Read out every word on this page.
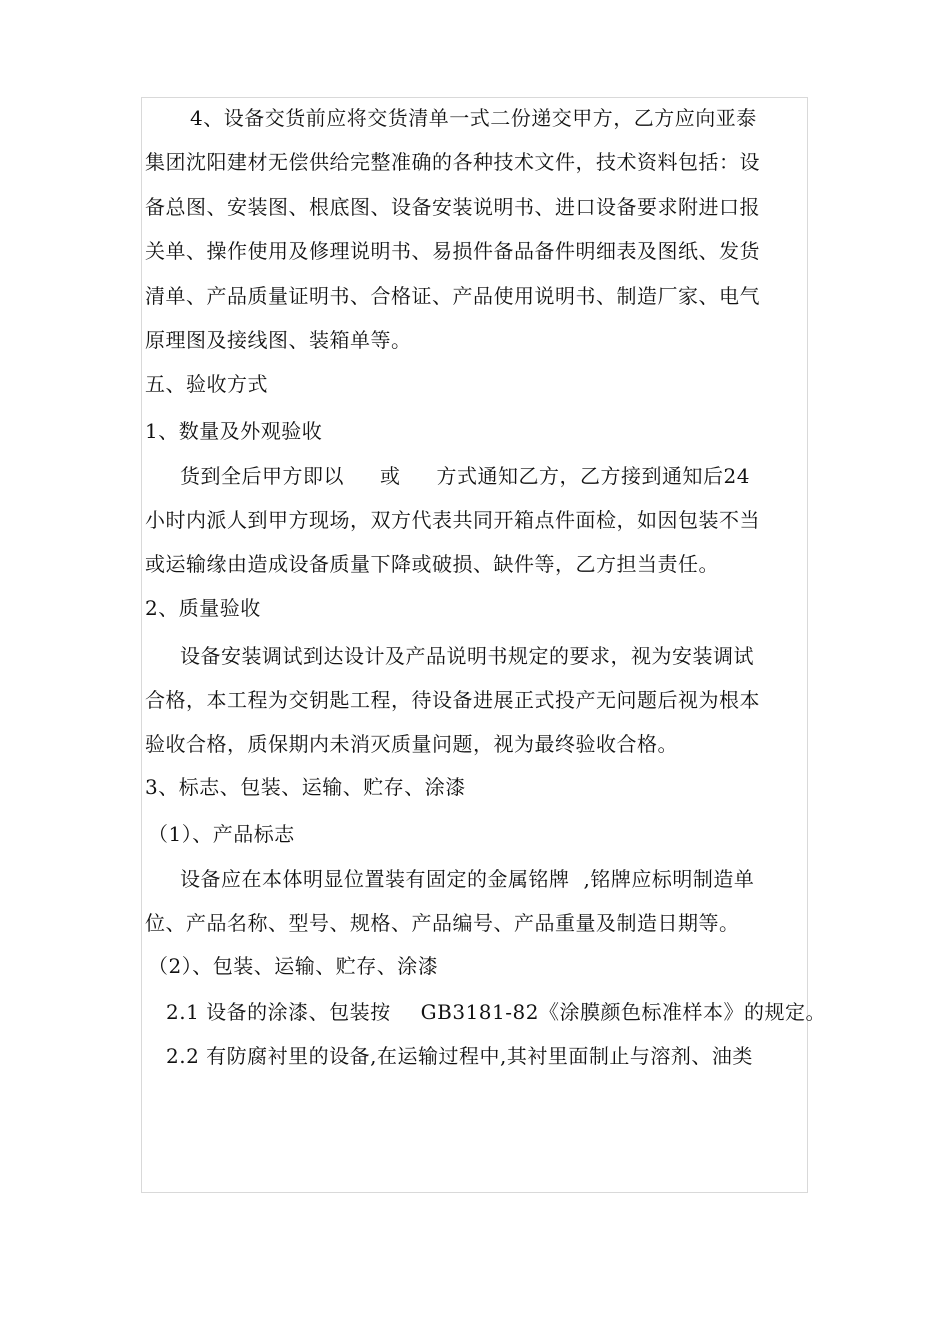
4、设备交货前应将交货清单一式二份递交甲方，乙方应向亚泰
集团沈阳建材无偿供给完整准确的各种技术文件，技术资料包括：设
备总图、安装图、根底图、设备安装说明书、进口设备要求附进口报
关单、操作使用及修理说明书、易损件备品备件明细表及图纸、发货
清单、产品质量证明书、合格证、产品使用说明书、制造厂家、电气
原理图及接线图、装箱单等。
五、验收方式
1、数量及外观验收
货到全后甲方即以 或 方式通知乙方，乙方接到通知后24
小时内派人到甲方现场，双方代表共同开箱点件面检，如因包装不当
或运输缘由造成设备质量下降或破损、缺件等，乙方担当责任。
2、质量验收
设备安装调试到达设计及产品说明书规定的要求，视为安装调试
合格，本工程为交钥匙工程，待设备进展正式投产无问题后视为根本
验收合格，质保期内未消灭质量问题，视为最终验收合格。
3、标志、包装、运输、贮存、涂漆
（1）、产品标志
设备应在本体明显位置装有固定的金属铭牌 ,铭牌应标明制造单
位、产品名称、型号、规格、产品编号、产品重量及制造日期等。
（2）、包装、运输、贮存、涂漆
2.1 设备的涂漆、包装按 GB3181-82《涂膜颜色标准样本》的规定。
2.2 有防腐衬里的设备,在运输过程中,其衬里面制止与溶剂、油类
